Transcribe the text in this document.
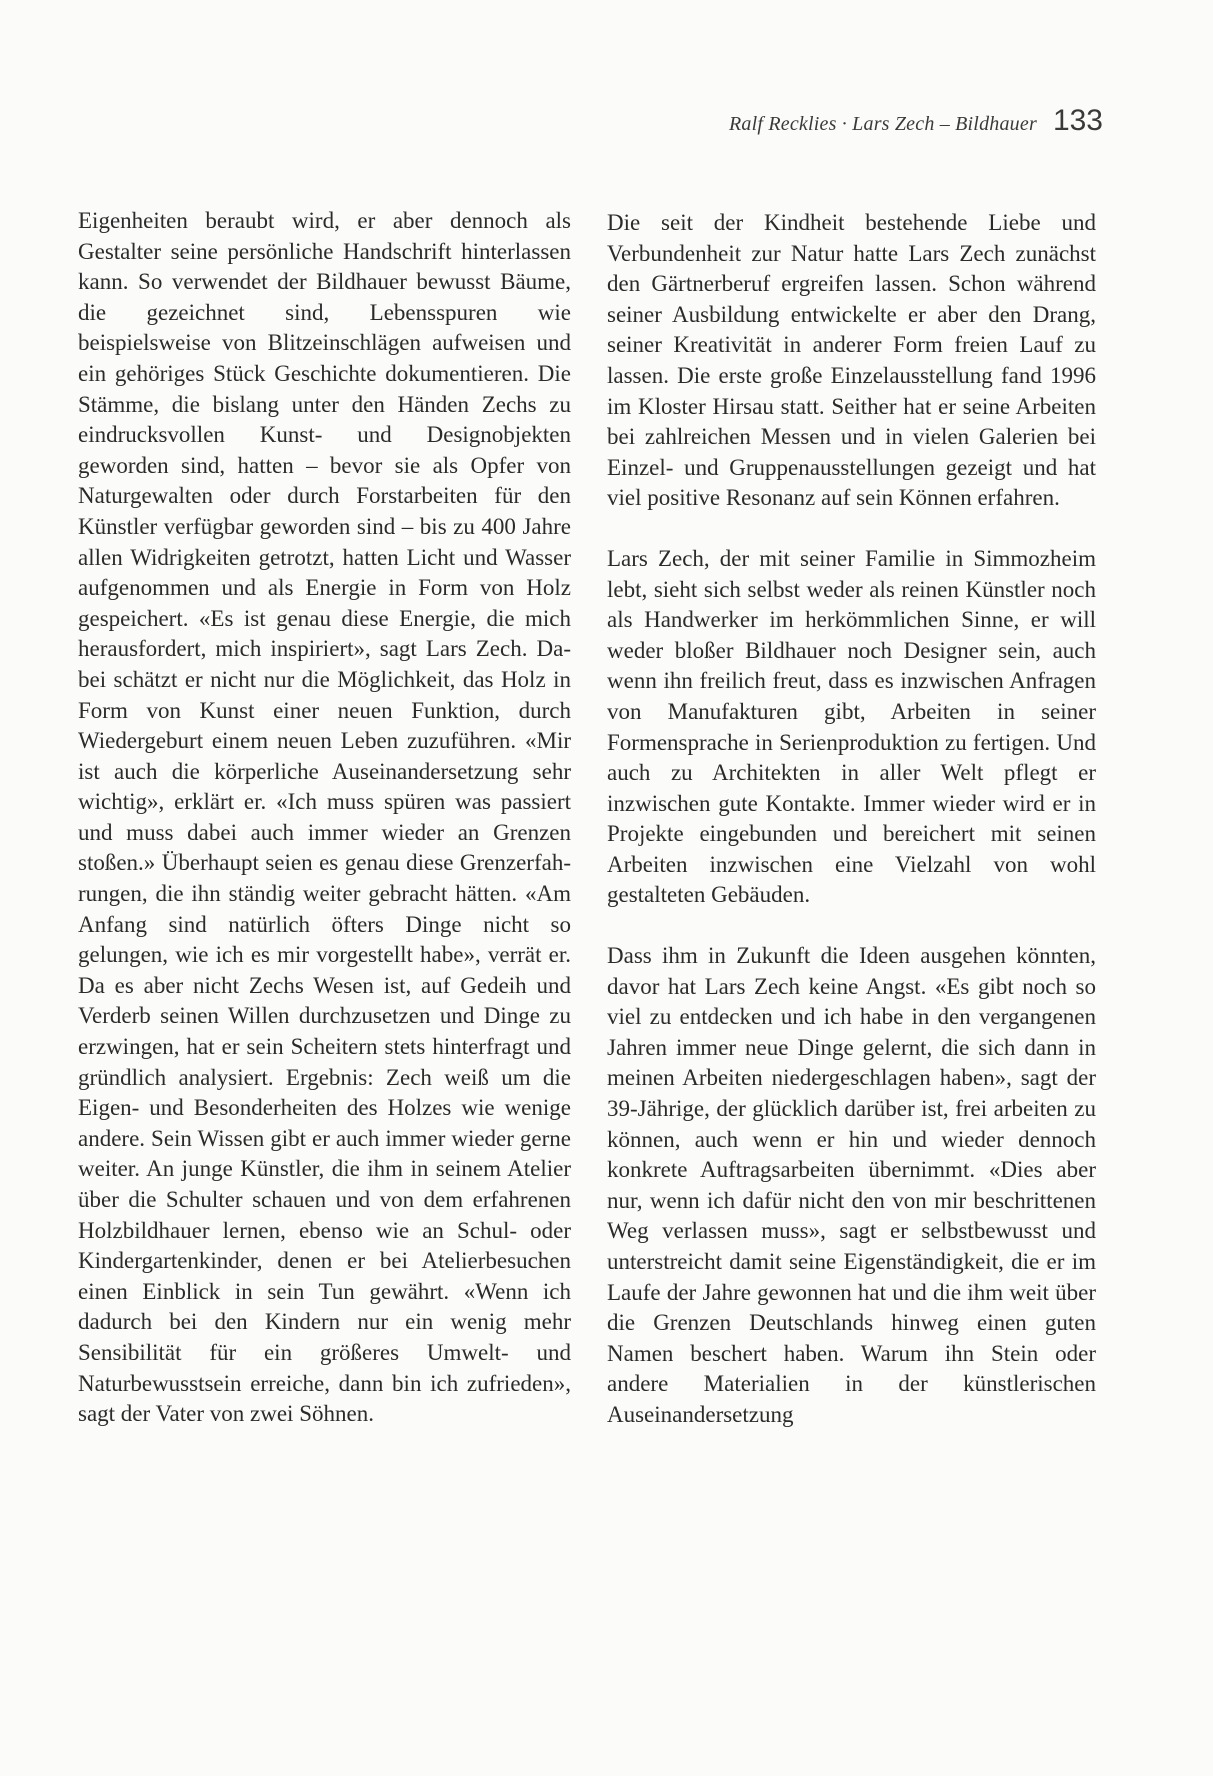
Ralf Recklies · Lars Zech – Bildhauer 133

Eigenheiten beraubt wird, er aber dennoch als Gestalter seine persönliche Handschrift hinterlassen kann. So verwendet der Bildhauer bewusst Bäume, die gezeichnet sind, Lebensspuren wie beispielsweise von Blitzeinschlägen aufweisen und ein gehöriges Stück Geschichte dokumentieren. Die Stämme, die bislang unter den Händen Zechs zu eindrucksvollen Kunst- und Designobjekten geworden sind, hatten – bevor sie als Opfer von Naturgewalten oder durch Forstarbeiten für den Künstler verfügbar geworden sind – bis zu 400 Jahre allen Widrigkeiten getrotzt, hatten Licht und Wasser aufgenommen und als Energie in Form von Holz gespeichert. «Es ist genau diese Energie, die mich herausfordert, mich inspiriert», sagt Lars Zech. Dabei schätzt er nicht nur die Möglichkeit, das Holz in Form von Kunst einer neuen Funktion, durch Wiedergeburt einem neuen Leben zuzuführen. «Mir ist auch die körperliche Auseinandersetzung sehr wichtig», erklärt er. «Ich muss spüren was passiert und muss dabei auch immer wieder an Grenzen stoßen.» Überhaupt seien es genau diese Grenzerfahrungen, die ihn ständig weiter gebracht hätten. «Am Anfang sind natürlich öfters Dinge nicht so gelungen, wie ich es mir vorgestellt habe», verrät er. Da es aber nicht Zechs Wesen ist, auf Gedeih und Verderb seinen Willen durchzusetzen und Dinge zu erzwingen, hat er sein Scheitern stets hinterfragt und gründlich analysiert. Ergebnis: Zech weiß um die Eigen- und Besonderheiten des Holzes wie wenige andere. Sein Wissen gibt er auch immer wieder gerne weiter. An junge Künstler, die ihm in seinem Atelier über die Schulter schauen und von dem erfahrenen Holzbildhauer lernen, ebenso wie an Schul- oder Kindergartenkinder, denen er bei Atelierbesuchen einen Einblick in sein Tun gewährt. «Wenn ich dadurch bei den Kindern nur ein wenig mehr Sensibilität für ein größeres Umwelt- und Naturbewusstsein erreiche, dann bin ich zufrieden», sagt der Vater von zwei Söhnen.

Die seit der Kindheit bestehende Liebe und Verbundenheit zur Natur hatte Lars Zech zunächst den Gärtnerberuf ergreifen lassen. Schon während seiner Ausbildung entwickelte er aber den Drang, seiner Kreativität in anderer Form freien Lauf zu lassen. Die erste große Einzelausstellung fand 1996 im Kloster Hirsau statt. Seither hat er seine Arbeiten bei zahlreichen Messen und in vielen Galerien bei Einzel- und Gruppenausstellungen gezeigt und hat viel positive Resonanz auf sein Können erfahren.

Lars Zech, der mit seiner Familie in Simmozheim lebt, sieht sich selbst weder als reinen Künstler noch als Handwerker im herkömmlichen Sinne, er will weder bloßer Bildhauer noch Designer sein, auch wenn ihn freilich freut, dass es inzwischen Anfragen von Manufakturen gibt, Arbeiten in seiner Formensprache in Serienproduktion zu fertigen. Und auch zu Architekten in aller Welt pflegt er inzwischen gute Kontakte. Immer wieder wird er in Projekte eingebunden und bereichert mit seinen Arbeiten inzwischen eine Vielzahl von wohl gestalteten Gebäuden.

Dass ihm in Zukunft die Ideen ausgehen könnten, davor hat Lars Zech keine Angst. «Es gibt noch so viel zu entdecken und ich habe in den vergangenen Jahren immer neue Dinge gelernt, die sich dann in meinen Arbeiten niedergeschlagen haben», sagt der 39-Jährige, der glücklich darüber ist, frei arbeiten zu können, auch wenn er hin und wieder dennoch konkrete Auftragsarbeiten übernimmt. «Dies aber nur, wenn ich dafür nicht den von mir beschrittenen Weg verlassen muss», sagt er selbstbewusst und unterstreicht damit seine Eigenständigkeit, die er im Laufe der Jahre gewonnen hat und die ihm weit über die Grenzen Deutschlands hinweg einen guten Namen beschert haben. Warum ihn Stein oder andere Materialien in der künstlerischen Auseinandersetzung
